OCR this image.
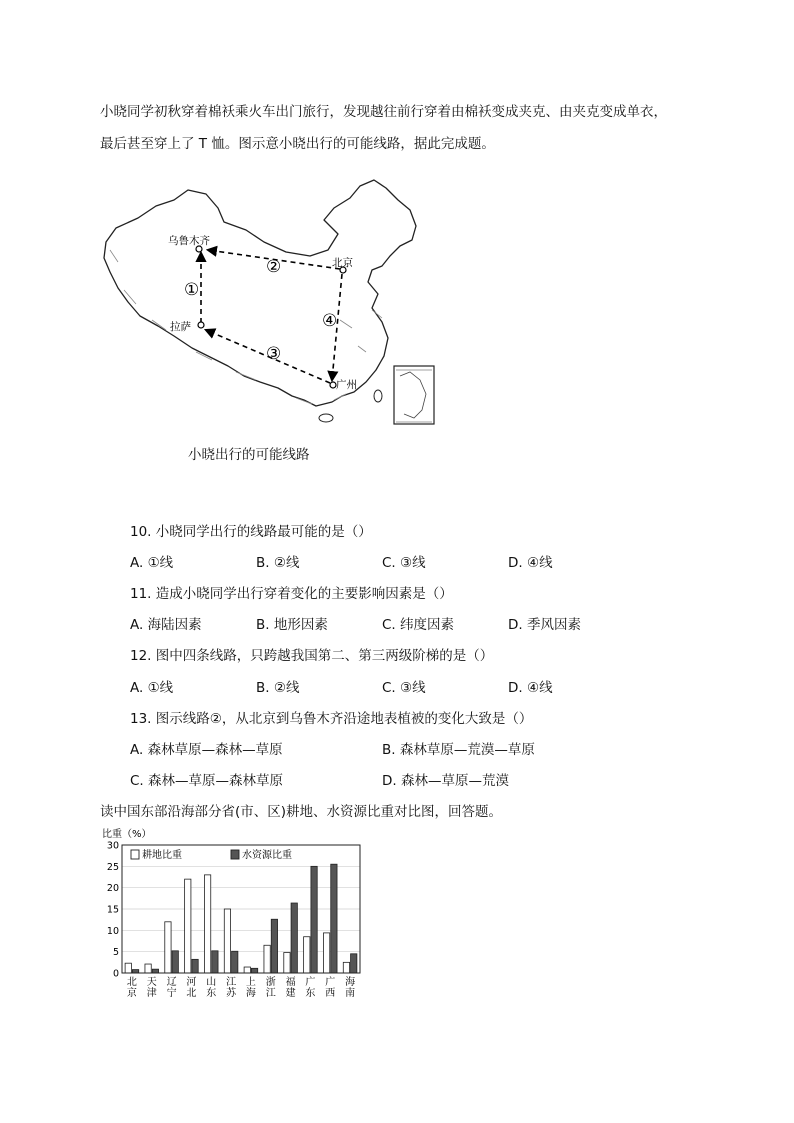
小晓同学初秋穿着棉袄乘火车出门旅行，发现越往前行穿着由棉袄变成夹克、由夹克变成单衣，
最后甚至穿上了 T 恤。图示意小晓出行的可能线路，据此完成题。
乌鲁木齐
北京
拉萨
广州
①
②
③
④
小晓出行的可能线路
10. 小晓同学出行的线路最可能的是（）
A. ①线	B. ②线	C. ③线	D. ④线
11. 造成小晓同学出行穿着变化的主要影响因素是（）
A. 海陆因素	B. 地形因素	C. 纬度因素	D. 季风因素
12. 图中四条线路，只跨越我国第二、第三两级阶梯的是（）
A. ①线	B. ②线	C. ③线	D. ④线
13. 图示线路②，从北京到乌鲁木齐沿途地表植被的变化大致是（）
A. 森林草原—森林—草原	B. 森林草原—荒漠—草原
C. 森林—草原—森林草原	D. 森林—草原—荒漠
读中国东部沿海部分省(市、区)耕地、水资源比重对比图，回答题。
比重（%）
0
5
10
15
20
25
30
北
京
天
津
辽
宁
河
北
山
东
江
苏
上
海
浙
江
福
建
广
东
广
西
海
南
耕地比重	水资源比重
